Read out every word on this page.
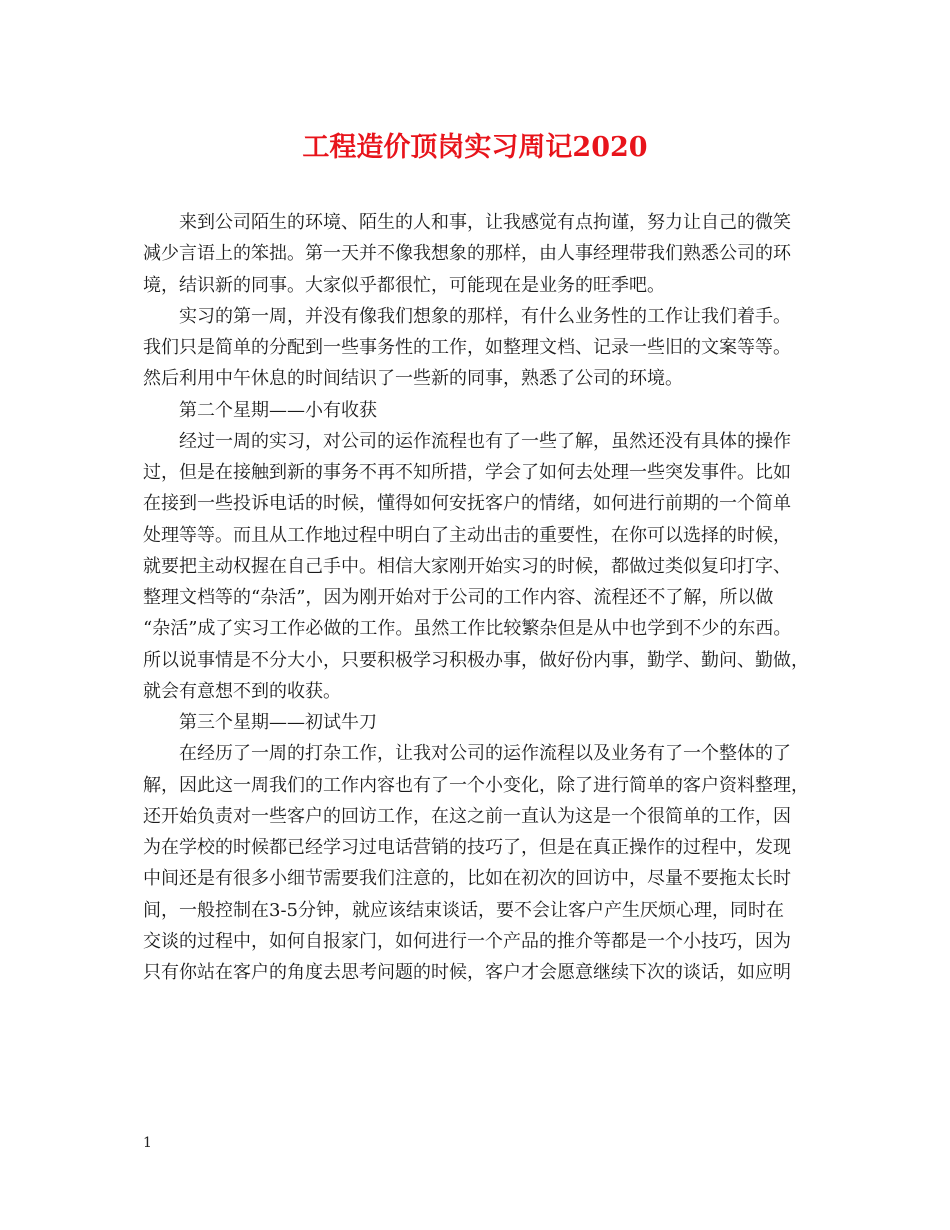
工程造价顶岗实习周记2020
来到公司陌生的环境、陌生的人和事，让我感觉有点拘谨，努力让自己的微笑
减少言语上的笨拙。第一天并不像我想象的那样，由人事经理带我们熟悉公司的环
境，结识新的同事。大家似乎都很忙，可能现在是业务的旺季吧。
实习的第一周，并没有像我们想象的那样，有什么业务性的工作让我们着手。
我们只是简单的分配到一些事务性的工作，如整理文档、记录一些旧的文案等等。
然后利用中午休息的时间结识了一些新的同事，熟悉了公司的环境。
第二个星期——小有收获
经过一周的实习，对公司的运作流程也有了一些了解，虽然还没有具体的操作
过，但是在接触到新的事务不再不知所措，学会了如何去处理一些突发事件。比如
在接到一些投诉电话的时候，懂得如何安抚客户的情绪，如何进行前期的一个简单
处理等等。而且从工作地过程中明白了主动出击的重要性，在你可以选择的时候，
就要把主动权握在自己手中。相信大家刚开始实习的时候，都做过类似复印打字、
整理文档等的“杂活”，因为刚开始对于公司的工作内容、流程还不了解，所以做
“杂活”成了实习工作必做的工作。虽然工作比较繁杂但是从中也学到不少的东西。
所以说事情是不分大小，只要积极学习积极办事，做好份内事，勤学、勤问、勤做，
就会有意想不到的收获。
第三个星期——初试牛刀
在经历了一周的打杂工作，让我对公司的运作流程以及业务有了一个整体的了
解，因此这一周我们的工作内容也有了一个小变化，除了进行简单的客户资料整理，
还开始负责对一些客户的回访工作，在这之前一直认为这是一个很简单的工作，因
为在学校的时候都已经学习过电话营销的技巧了，但是在真正操作的过程中，发现
中间还是有很多小细节需要我们注意的，比如在初次的回访中，尽量不要拖太长时
间，一般控制在3-5分钟，就应该结束谈话，要不会让客户产生厌烦心理，同时在
交谈的过程中，如何自报家门，如何进行一个产品的推介等都是一个小技巧，因为
只有你站在客户的角度去思考问题的时候，客户才会愿意继续下次的谈话，如应明
1
